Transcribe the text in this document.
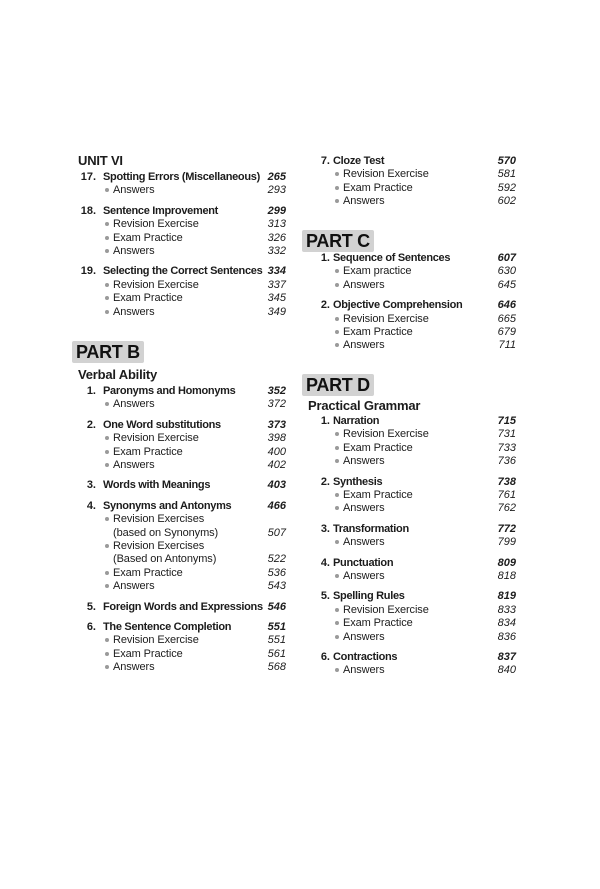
UNIT VI
17. Spotting Errors (Miscellaneous) 265
Answers	293
18. Sentence Improvement	299
Revision Exercise	313
Exam Practice	326
Answers	332
19. Selecting the Correct Sentences 334
Revision Exercise	337
Exam Practice	345
Answers	349
PART B
Verbal Ability
1. Paronyms and Homonyms	352
Answers	372
2. One Word substitutions	373
Revision Exercise	398
Exam Practice	400
Answers	402
3. Words with Meanings	403
4. Synonyms and Antonyms	466
Revision Exercises
(based on Synonyms)	507
Revision Exercises
(Based on Antonyms)	522
Exam Practice	536
Answers	543
5. Foreign Words and Expressions 546
6. The Sentence Completion	551
Revision Exercise	551
Exam Practice	561
Answers	568
7. Cloze Test	570
Revision Exercise	581
Exam Practice	592
Answers	602
PART C
1. Sequence of Sentences	607
Exam practice	630
Answers	645
2. Objective Comprehension	646
Revision Exercise	665
Exam Practice	679
Answers	711
PART D
Practical Grammar
1. Narration	715
Revision Exercise	731
Exam Practice	733
Answers	736
2. Synthesis	738
Exam Practice	761
Answers	762
3. Transformation	772
Answers	799
4. Punctuation	809
Answers	818
5. Spelling Rules	819
Revision Exercise	833
Exam Practice	834
Answers	836
6. Contractions	837
Answers	840
